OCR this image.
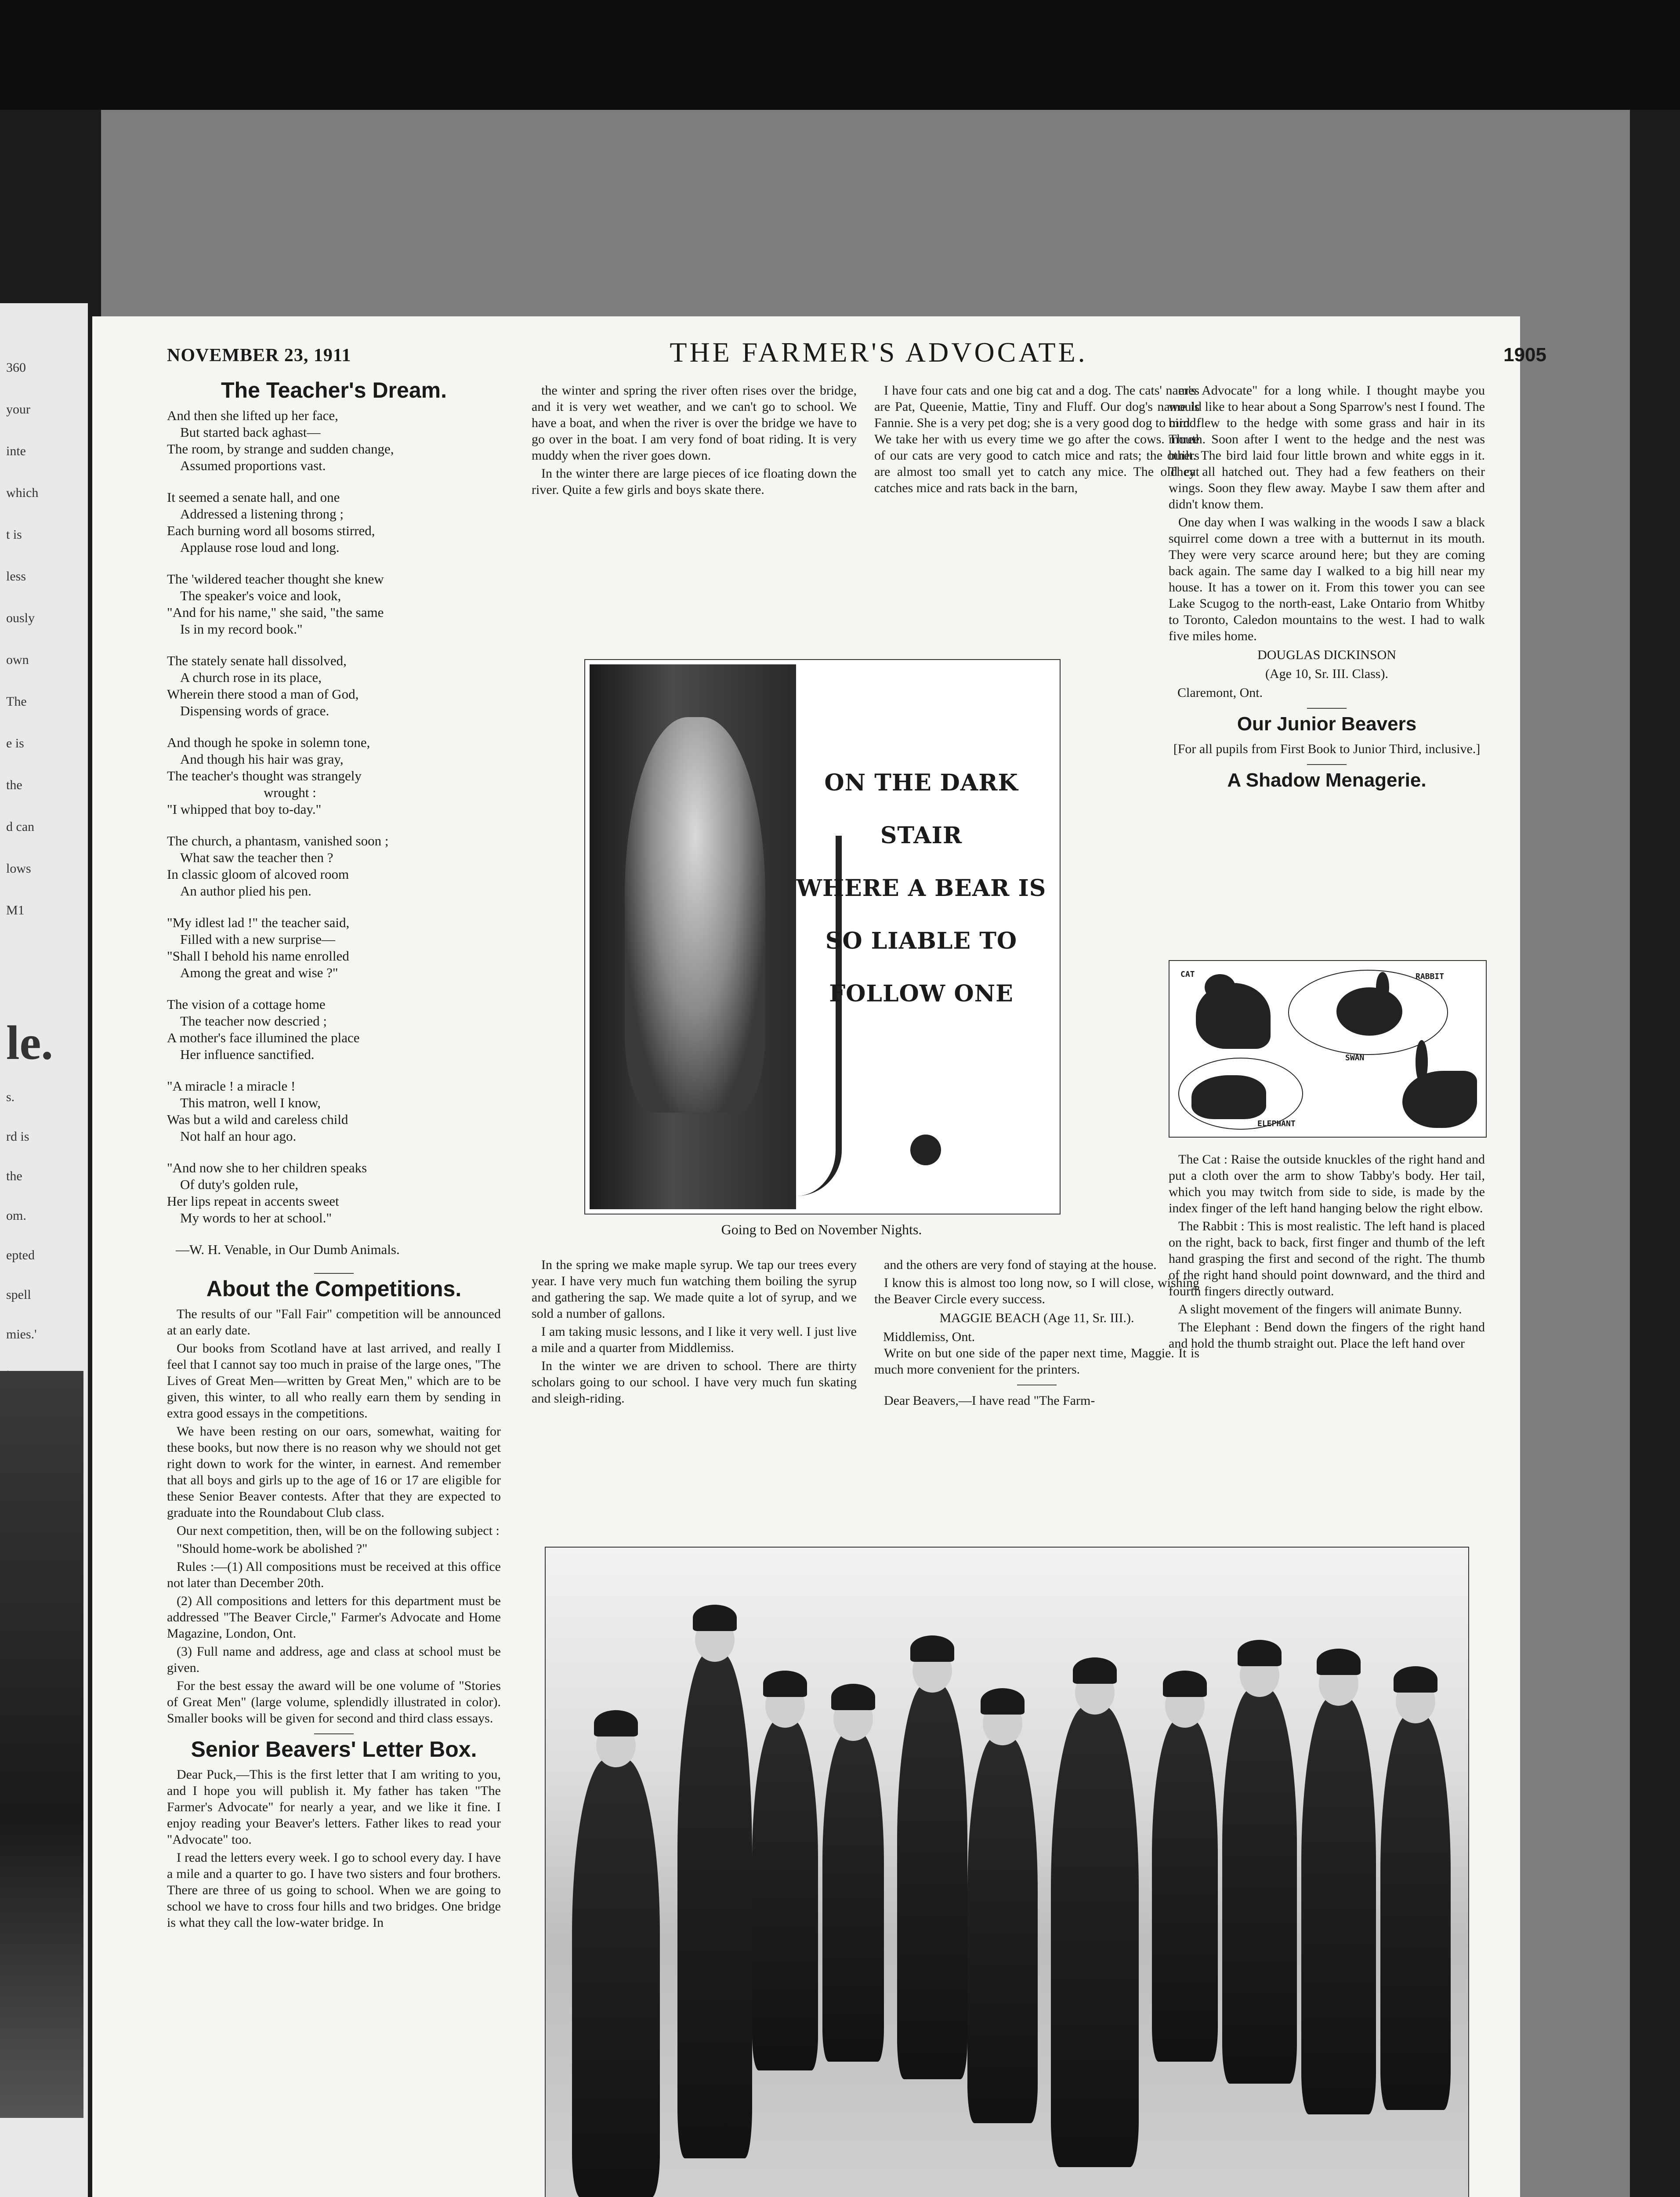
360
your
inte
which
t is
less
ously
own
The
e is
the
d can
lows
M1
le.
s.
rd is
the
om.
epted
spell
mies.'
NOVEMBER 23, 1911	THE FARMER'S ADVOCATE.	1905
The Teacher's Dream.
And then she lifted up her face,
But started back aghast—
The room, by strange and sudden change,
Assumed proportions vast.
It seemed a senate hall, and one
Addressed a listening throng ;
Each burning word all bosoms stirred,
Applause rose loud and long.
The 'wildered teacher thought she knew
The speaker's voice and look,
"And for his name," she said, "the same
Is in my record book."
The stately senate hall dissolved,
A church rose in its place,
Wherein there stood a man of God,
Dispensing words of grace.
And though he spoke in solemn tone,
And though his hair was gray,
The teacher's thought was strangely
wrought :
"I whipped that boy to-day."
The church, a phantasm, vanished soon ;
What saw the teacher then ?
In classic gloom of alcoved room
An author plied his pen.
"My idlest lad !" the teacher said,
Filled with a new surprise—
"Shall I behold his name enrolled
Among the great and wise ?"
The vision of a cottage home
The teacher now descried ;
A mother's face illumined the place
Her influence sanctified.
"A miracle ! a miracle !
This matron, well I know,
Was but a wild and careless child
Not half an hour ago.
"And now she to her children speaks
Of duty's golden rule,
Her lips repeat in accents sweet
My words to her at school."
—W. H. Venable, in Our Dumb Animals.
About the Competitions.

The results of our "Fall Fair" competition will be announced at an early date.

Our books from Scotland have at last arrived, and really I feel that I cannot say too much in praise of the large ones, "The Lives of Great Men—written by Great Men," which are to be given, this winter, to all who really earn them by sending in extra good essays in the competitions.

We have been resting on our oars, somewhat, waiting for these books, but now there is no reason why we should not get right down to work for the winter, in earnest. And remember that all boys and girls up to the age of 16 or 17 are eligible for these Senior Beaver contests. After that they are expected to graduate into the Roundabout Club class.

Our next competition, then, will be on the following subject :

"Should home-work be abolished ?"

Rules :—(1) All compositions must be received at this office not later than December 20th.

(2) All compositions and letters for this department must be addressed "The Beaver Circle," Farmer's Advocate and Home Magazine, London, Ont.

(3) Full name and address, age and class at school must be given.

For the best essay the award will be one volume of "Stories of Great Men" (large volume, splendidly illustrated in color). Smaller books will be given for second and third class essays.

Senior Beavers' Letter Box.

Dear Puck,—This is the first letter that I am writing to you, and I hope you will publish it. My father has taken "The Farmer's Advocate" for nearly a year, and we like it fine. I enjoy reading your Beaver's letters. Father likes to read your "Advocate" too.

I read the letters every week. I go to school every day. I have a mile and a quarter to go. I have two sisters and four brothers. There are three of us going to school. When we are going to school we have to cross four hills and two bridges. One bridge is what they call the low-water bridge. In

the winter and spring the river often rises over the bridge, and it is very wet weather, and we can't go to school. We have a boat, and when the river is over the bridge we have to go over in the boat. I am very fond of boat riding. It is very muddy when the river goes down.

In the winter there are large pieces of ice floating down the river. Quite a few girls and boys skate there.

I have four cats and one big cat and a dog. The cats' names are Pat, Queenie, Mattie, Tiny and Fluff. Our dog's name is Fannie. She is a very pet dog; she is a very good dog to mind. We take her with us every time we go after the cows. Three of our cats are very good to catch mice and rats; the others are almost too small yet to catch any mice. The old cat catches mice and rats back in the barn,

er's Advocate" for a long while. I thought maybe you would like to hear about a Song Sparrow's nest I found. The bird flew to the hedge with some grass and hair in its mouth. Soon after I went to the hedge and the nest was built. The bird laid four little brown and white eggs in it. They all hatched out. They had a few feathers on their wings. Soon they flew away. Maybe I saw them after and didn't know them.

One day when I was walking in the woods I saw a black squirrel come down a tree with a butternut in its mouth. They were very scarce around here; but they are coming back again. The same day I walked to a big hill near my house. It has a tower on it. From this tower you can see Lake Scugog to the north-east, Lake Ontario from Whitby to Toronto, Caledon mountains to the west. I had to walk five miles home.

DOUGLAS DICKINSON
(Age 10, Sr. III. Class).
Claremont, Ont.
Our Junior Beavers

[For all pupils from First Book to Junior Third, inclusive.]

A Shadow Menagerie.
CAT	RABBIT
SWAN
ELEPHANT

The Cat : Raise the outside knuckles of the right hand and put a cloth over the arm to show Tabby's body. Her tail, which you may twitch from side to side, is made by the index finger of the left hand hanging below the right elbow.

The Rabbit : This is most realistic. The left hand is placed on the right, back to back, first finger and thumb of the left hand grasping the first and second of the right. The thumb of the right hand should point downward, and the third and fourth fingers directly outward.

A slight movement of the fingers will animate Bunny.

The Elephant : Bend down the fingers of the right hand and hold the thumb straight out. Place the left hand over

ON THE DARK STAIR
WHERE A BEAR IS
SO LIABLE TO
FOLLOW ONE
Going to Bed on November Nights.

In the spring we make maple syrup. We tap our trees every year. I have very much fun watching them boiling the syrup and gathering the sap. We made quite a lot of syrup, and we sold a number of gallons.

I am taking music lessons, and I like it very well. I just live a mile and a quarter from Middlemiss.

In the winter we are driven to school. There are thirty scholars going to our school. I have very much fun skating and sleigh-riding.

and the others are very fond of staying at the house.

I know this is almost too long now, so I will close, wishing the Beaver Circle every success.

MAGGIE BEACH (Age 11, Sr. III.).
Middlemiss, Ont.

Write on but one side of the paper next time, Maggie. It is much more convenient for the printers.

Dear Beavers,—I have read "The Farm-
